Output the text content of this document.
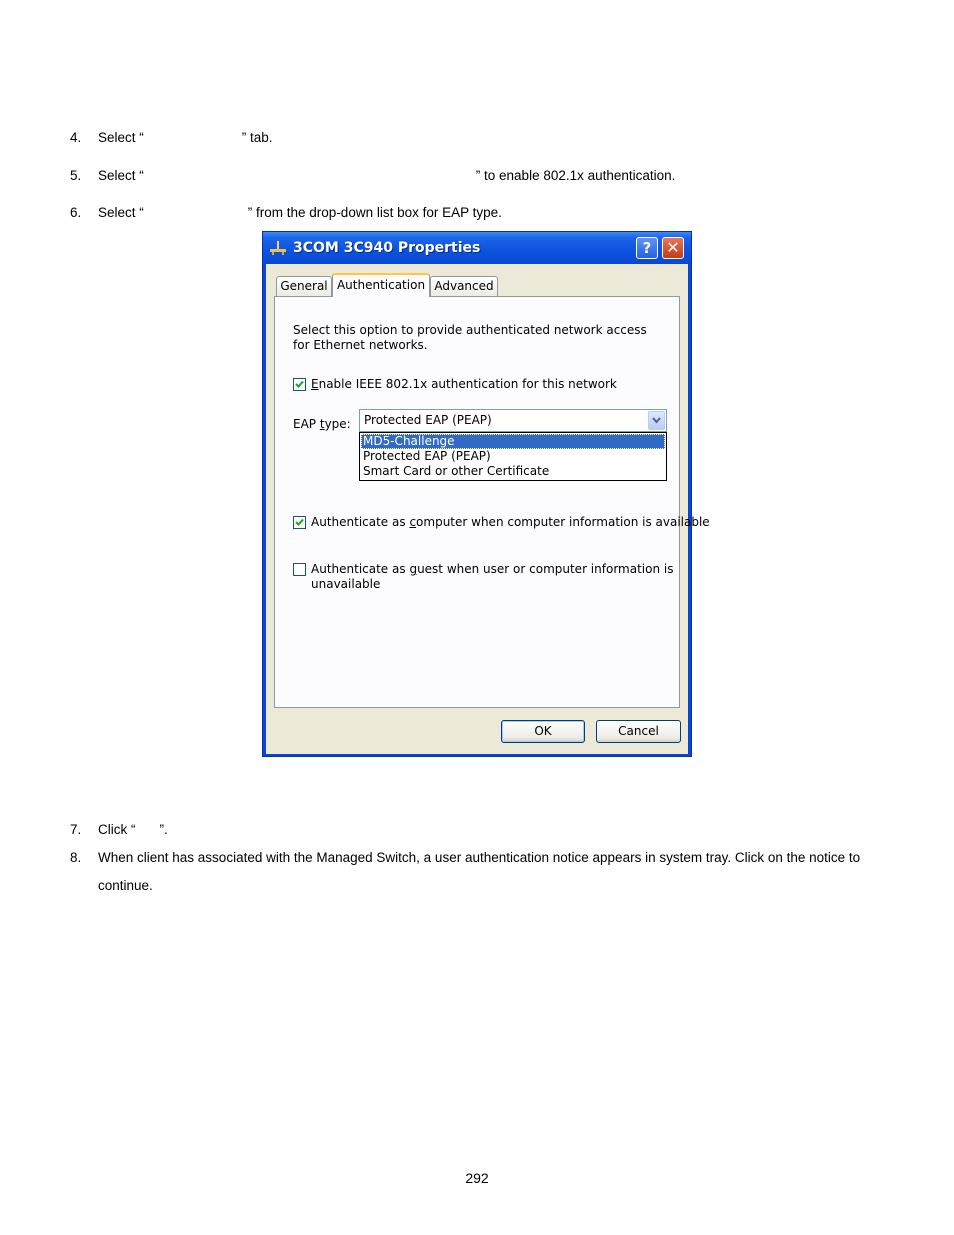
4. Select “	” tab.
5. Select “	” to enable 802.1x authentication.
6. Select “	” from the drop-down list box for EAP type.
3COM 3C940 Properties	? ✕
General Authentication Advanced
Select this option to provide authenticated network access for Ethernet networks.
Enable IEEE 802.1x authentication for this network
EAP type: Protected EAP (PEAP)
MD5-Challenge
Protected EAP (PEAP)
Smart Card or other Certificate
Authenticate as computer when computer information is available
Authenticate as guest when user or computer information is
unavailable
OK	Cancel
7. Click “ ”.
8. When client has associated with the Managed Switch, a user authentication notice appears in system tray. Click on the notice to continue.
292
